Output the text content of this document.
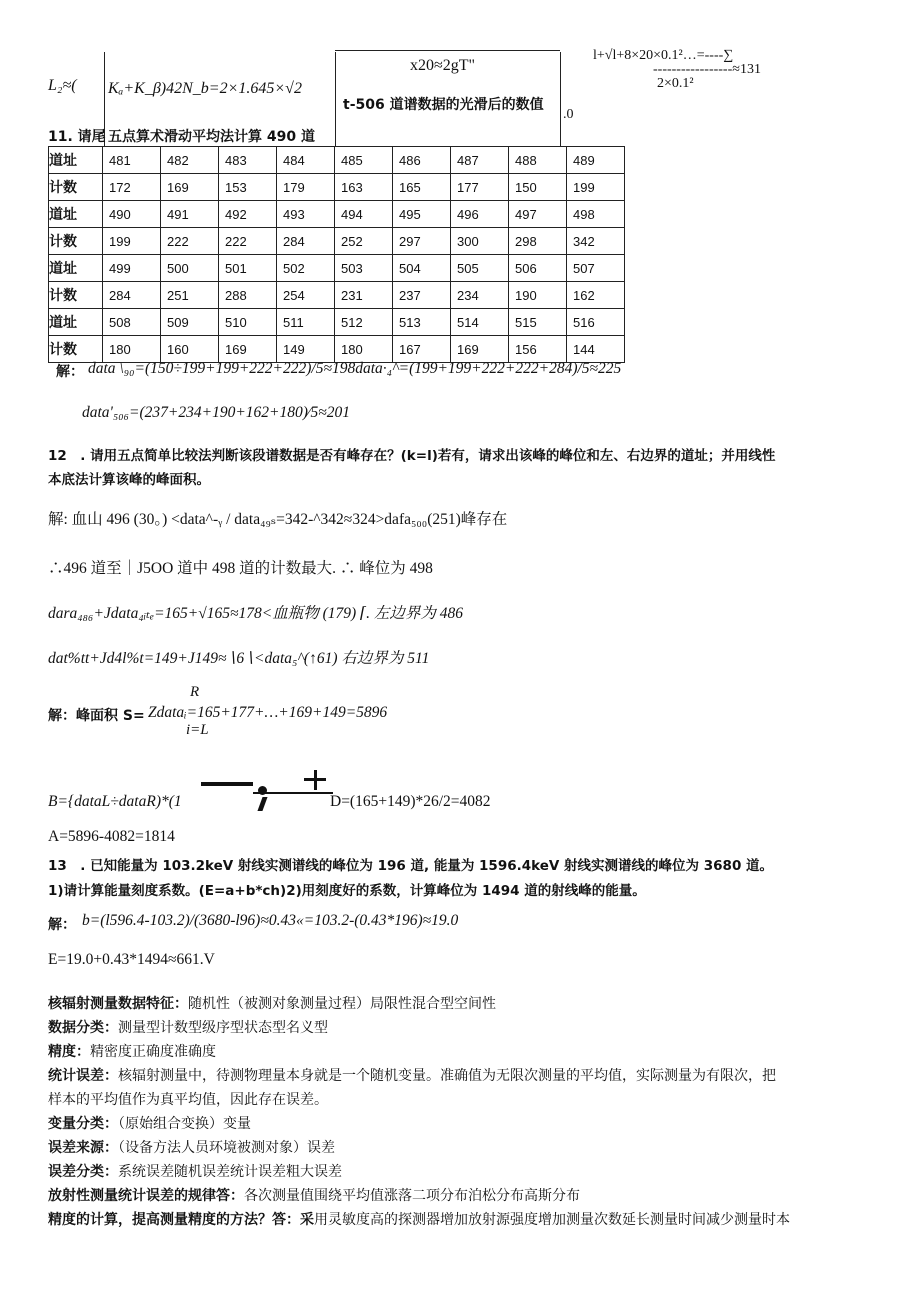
L₂≈( Kₐ+K_β)42N_b=2×1.645×√2
11. 请尾 五点算术滑动平均法计算 490 道
x20≈2gT"
t-506 道谱数据的光滑后的数值
l+√l+8×20×0.1²…=----∑
-----------------≈131
2×0.1²
.0
道址	481	482	483	484	485	486	487	488	489
计数	172	169	153	179	163	165	177	150	199
道址	490	491	492	493	494	495	496	497	498
计数	199	222	222	284	252	297	300	298	342
道址	499	500	501	502	503	504	505	506	507
计数	284	251	288	254	231	237	234	190	162
道址	508	509	510	511	512	513	514	515	516
计数	180	160	169	149	180	167	169	156	144
解： data \₉₀=(150÷199+199+222+222)/5≈198data∙₄^=(199+199+222+222+284)/5≈225
data'₅₀₆=(237+234+190+162+180)⁄5≈201
12　. 请用五点简单比较法判断该段谱数据是否有峰存在？(k=l)若有，请求出该峰的峰位和左、右边界的道址；并用线性
本底法计算该峰的峰面积。
解: 血山 496 (30。) <data^-ᵧ / data₄₉ₛ=342-^342≈324>dafa₅₀₀(251)峰存在
∴496 道至｜J5OO 道中 498 道的计数最大. ∴ 峰位为 498
dara₄₈₆+Jdata₄ᵢₜₑ=165+√165≈178<血瓶物 (179) ⌈. 左边界为 486
dat%tt+Jd4l%t=149+J149≈∖6∖<data₅^(↑61) 右边界为 511
R
解：峰面积 S= Zdataᵢ=165+177+…+169+149=5896
i=L
B={dataL÷dataR)*(1	D=(165+149)*26/2=4082
A=5896-4082=1814
13　. 已知能量为 103.2keV 射线实测谱线的峰位为 196 道, 能量为 1596.4keV 射线实测谱线的峰位为 3680 道。
1)请计算能量刻度系数。(E=a+b*ch)2)用刻度好的系数，计算峰位为 1494 道的射线峰的能量。
解： b=(l596.4-103.2)/(3680-l96)≈0.43«=103.2-(0.43*196)≈19.0
E=19.0+0.43*1494≈661.V
核辐射测量数据特征：随机性（被测对象测量过程）局限性混合型空间性
数据分类：测量型计数型级序型状态型名义型
精度：精密度正确度准确度
统计误差：核辐射测量中，待测物理量本身就是一个随机变量。准确值为无限次测量的平均值，实际测量为有限次，把
样本的平均值作为真平均值，因此存在误差。
变量分类：（原始组合变换）变量
误差来源：（设备方法人员环境被测对象）误差
误差分类：系统误差随机误差统计误差粗大误差
放射性测量统计误差的规律答：各次测量值围绕平均值涨落二项分布泊松分布高斯分布
精度的计算，提高测量精度的方法？答：采用灵敏度高的探测器增加放射源强度增加测量次数延长测量时间减少测量时本
